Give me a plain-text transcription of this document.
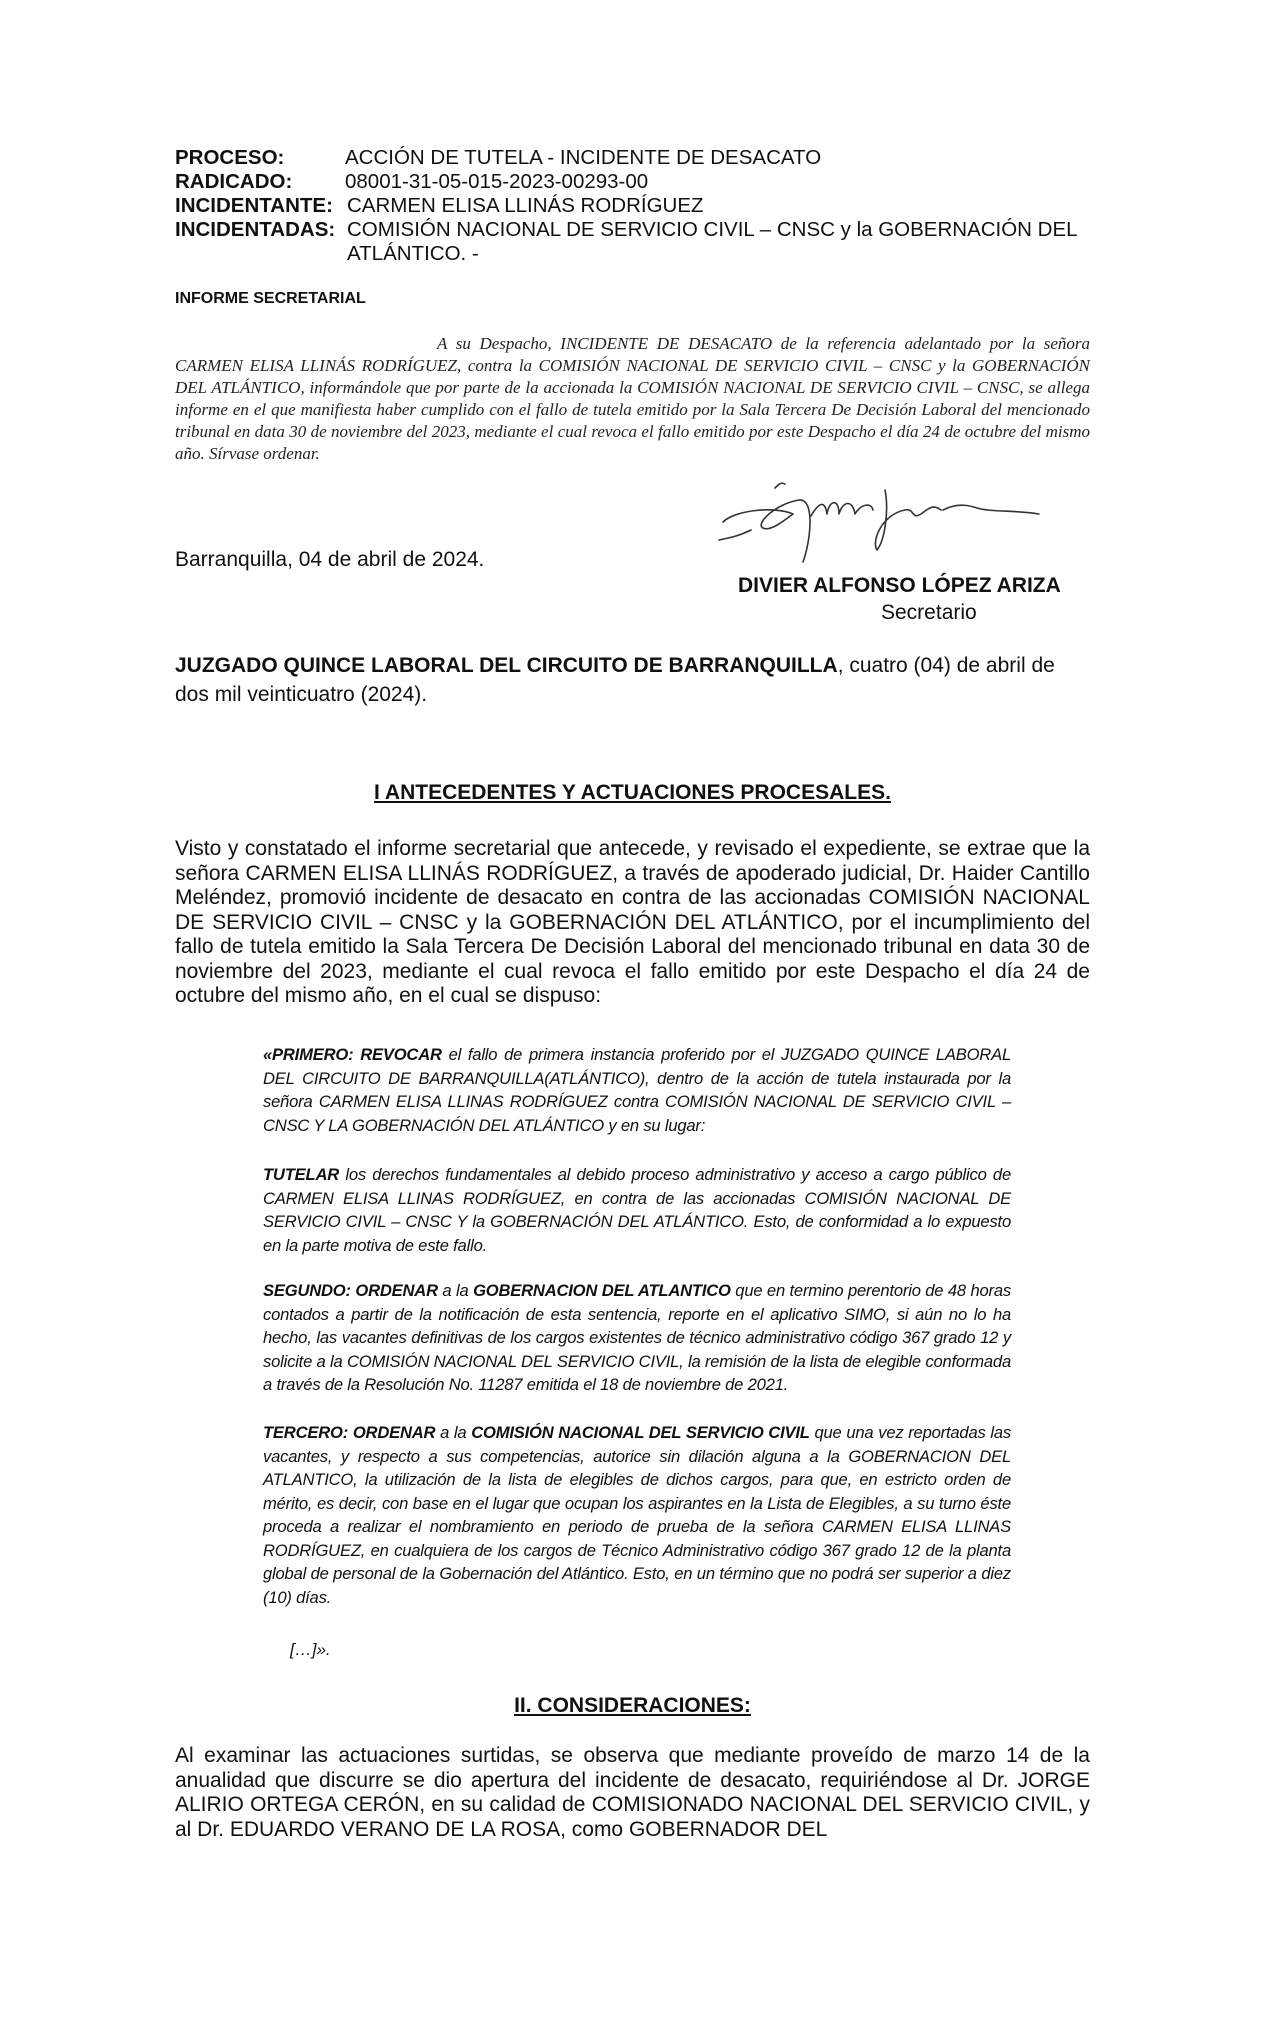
PROCESO:	ACCIÓN DE TUTELA - INCIDENTE DE DESACATO
RADICADO:	08001-31-05-015-2023-00293-00
INCIDENTANTE: CARMEN ELISA LLINÁS RODRÍGUEZ
INCIDENTADAS: COMISIÓN NACIONAL DE SERVICIO CIVIL – CNSC y la GOBERNACIÓN DEL ATLÁNTICO. -
INFORME SECRETARIAL
A su Despacho, INCIDENTE DE DESACATO de la referencia adelantado por la señora CARMEN ELISA LLINÁS RODRÍGUEZ, contra la COMISIÓN NACIONAL DE SERVICIO CIVIL – CNSC y la GOBERNACIÓN DEL ATLÁNTICO, informándole que por parte de la accionada la COMISIÓN NACIONAL DE SERVICIO CIVIL – CNSC, se allega informe en el que manifiesta haber cumplido con el fallo de tutela emitido por la Sala Tercera De Decisión Laboral del mencionado tribunal en data 30 de noviembre del 2023, mediante el cual revoca el fallo emitido por este Despacho el día 24 de octubre del mismo año. Sírvase ordenar.
Barranquilla, 04 de abril de 2024.
DIVIER ALFONSO LÓPEZ ARIZA
Secretario
JUZGADO QUINCE LABORAL DEL CIRCUITO DE BARRANQUILLA, cuatro (04) de abril de dos mil veinticuatro (2024).
I ANTECEDENTES Y ACTUACIONES PROCESALES.
Visto y constatado el informe secretarial que antecede, y revisado el expediente, se extrae que la señora CARMEN ELISA LLINÁS RODRÍGUEZ, a través de apoderado judicial, Dr. Haider Cantillo Meléndez, promovió incidente de desacato en contra de las accionadas COMISIÓN NACIONAL DE SERVICIO CIVIL – CNSC y la GOBERNACIÓN DEL ATLÁNTICO, por el incumplimiento del fallo de tutela emitido la Sala Tercera De Decisión Laboral del mencionado tribunal en data 30 de noviembre del 2023, mediante el cual revoca el fallo emitido por este Despacho el día 24 de octubre del mismo año, en el cual se dispuso:
«PRIMERO: REVOCAR el fallo de primera instancia proferido por el JUZGADO QUINCE LABORAL DEL CIRCUITO DE BARRANQUILLA(ATLÁNTICO), dentro de la acción de tutela instaurada por la señora CARMEN ELISA LLINAS RODRÍGUEZ contra COMISIÓN NACIONAL DE SERVICIO CIVIL – CNSC Y LA GOBERNACIÓN DEL ATLÁNTICO y en su lugar:
TUTELAR los derechos fundamentales al debido proceso administrativo y acceso a cargo público de CARMEN ELISA LLINAS RODRÍGUEZ, en contra de las accionadas COMISIÓN NACIONAL DE SERVICIO CIVIL – CNSC Y la GOBERNACIÓN DEL ATLÁNTICO. Esto, de conformidad a lo expuesto en la parte motiva de este fallo.
SEGUNDO: ORDENAR a la GOBERNACION DEL ATLANTICO que en termino perentorio de 48 horas contados a partir de la notificación de esta sentencia, reporte en el aplicativo SIMO, si aún no lo ha hecho, las vacantes definitivas de los cargos existentes de técnico administrativo código 367 grado 12 y solicite a la COMISIÓN NACIONAL DEL SERVICIO CIVIL, la remisión de la lista de elegible conformada a través de la Resolución No. 11287 emitida el 18 de noviembre de 2021.
TERCERO: ORDENAR a la COMISIÓN NACIONAL DEL SERVICIO CIVIL que una vez reportadas las vacantes, y respecto a sus competencias, autorice sin dilación alguna a la GOBERNACION DEL ATLANTICO, la utilización de la lista de elegibles de dichos cargos, para que, en estricto orden de mérito, es decir, con base en el lugar que ocupan los aspirantes en la Lista de Elegibles, a su turno éste proceda a realizar el nombramiento en periodo de prueba de la señora CARMEN ELISA LLINAS RODRÍGUEZ, en cualquiera de los cargos de Técnico Administrativo código 367 grado 12 de la planta global de personal de la Gobernación del Atlántico. Esto, en un término que no podrá ser superior a diez (10) días.
[…]».
II. CONSIDERACIONES:
Al examinar las actuaciones surtidas, se observa que mediante proveído de marzo 14 de la anualidad que discurre se dio apertura del incidente de desacato, requiriéndose al Dr. JORGE ALIRIO ORTEGA CERÓN, en su calidad de COMISIONADO NACIONAL DEL SERVICIO CIVIL, y al Dr. EDUARDO VERANO DE LA ROSA, como GOBERNADOR DEL
